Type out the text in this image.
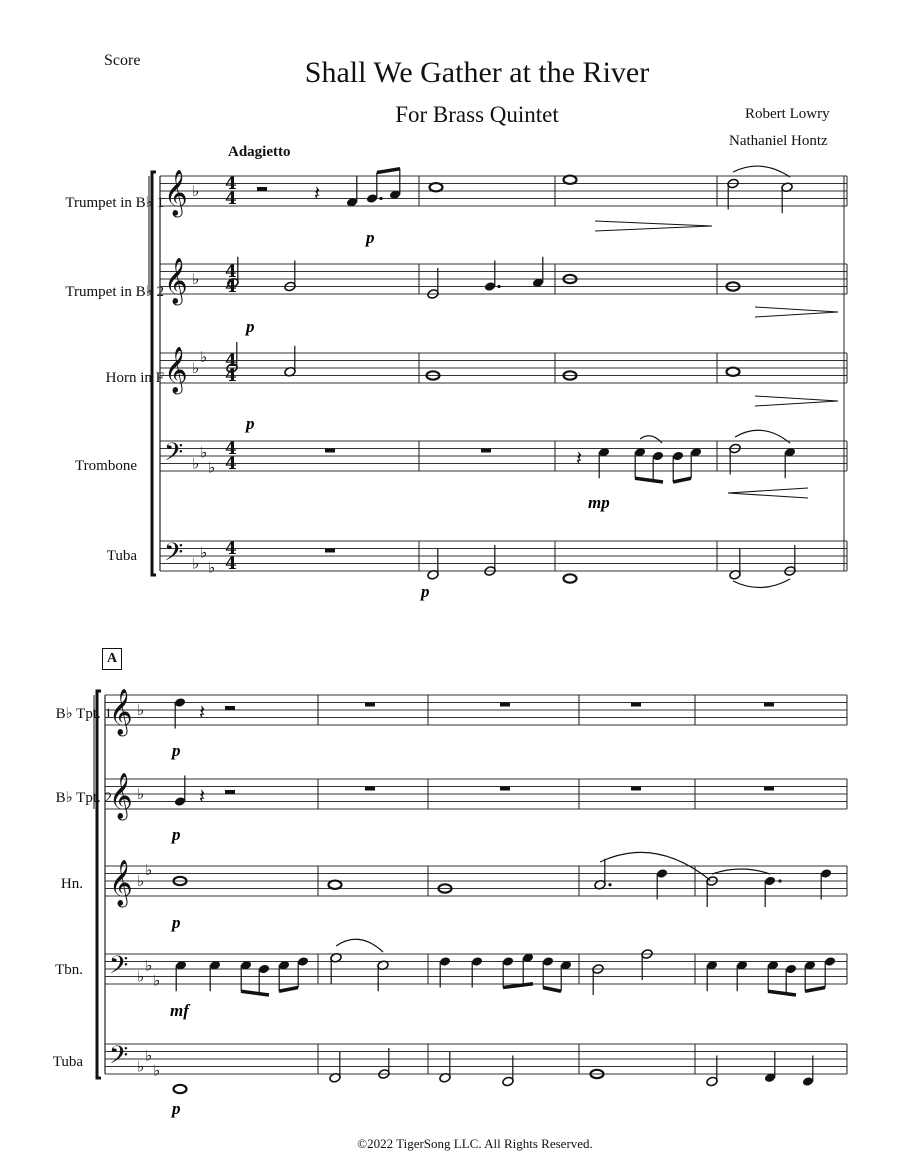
Score	Shall We Gather at the River
For Brass Quintet	Robert Lowry
Nathaniel Hontz
Adagietto
Trumpet in B♭ 1
Trumpet in B♭ 2
Horn in F
Trombone
Tuba
A
B♭ Tpt. 1
B♭ Tpt. 2
Hn.
Tbn.
Tuba
©2022 TigerSong LLC. All Rights Reserved.
𝄞 ♭ 4
4
𝄞 ♭ 4
4
𝄞 ♭
♭ 4
4
𝄢 ♭
♭
♭
4
4
𝄢 ♭
♭
♭
4
4
𝄽
𝄽
𝄞 ♭
𝄞 ♭
𝄞 ♭
♭
𝄢 ♭
♭
♭
𝄢 ♭
♭
♭
𝄽
𝄽
p
p
p
mp
p
p
p
p
mf
p
